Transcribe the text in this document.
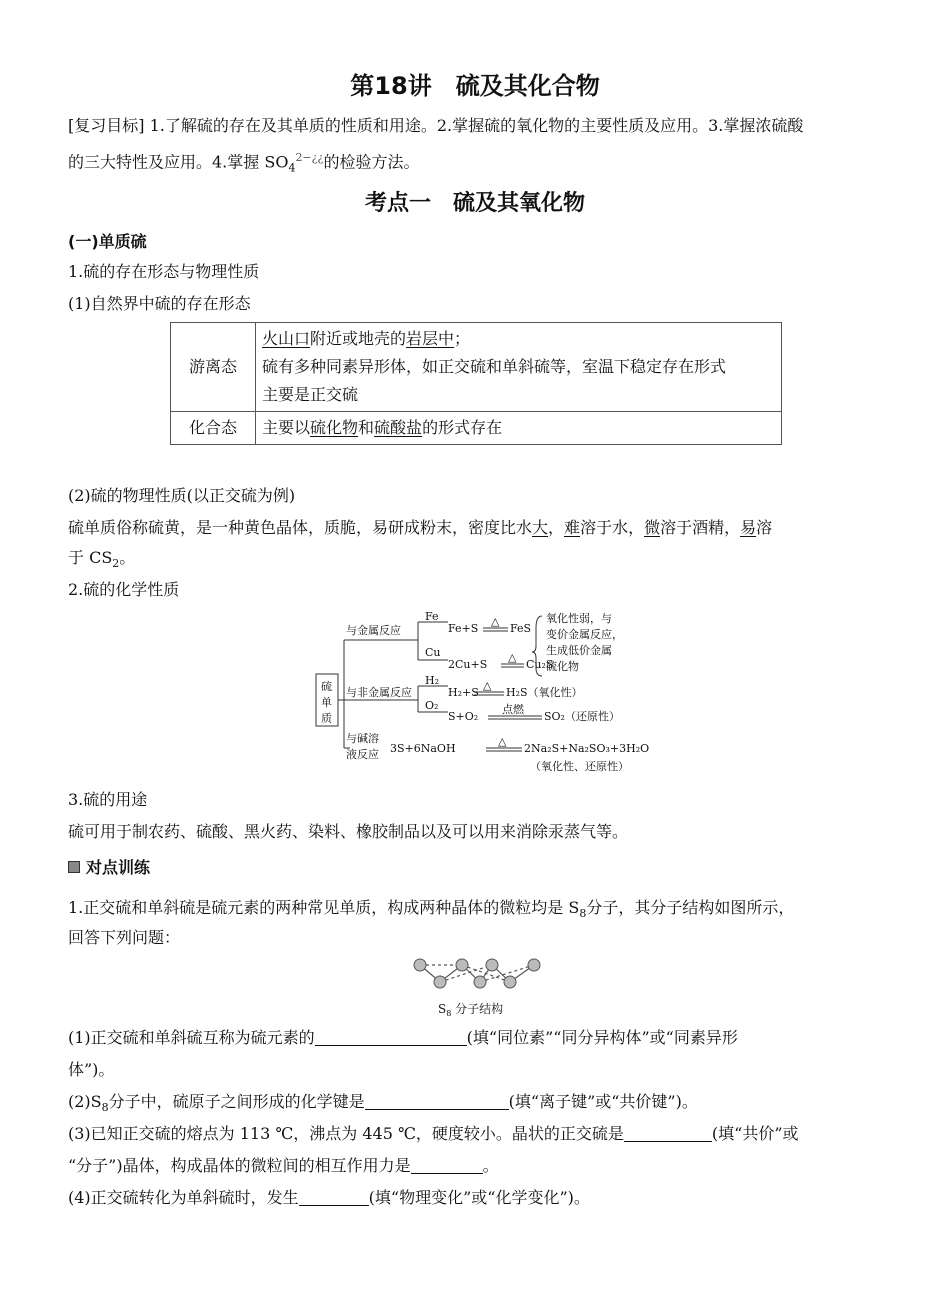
第18讲　硫及其化合物
[复习目标] 1.了解硫的存在及其单质的性质和用途。2.掌握硫的氧化物的主要性质及应用。3.掌握浓硫酸
的三大特性及应用。4.掌握 $SO_4^{2-¿¿}$的检验方法。
考点一　硫及其氧化物
(一)单质硫
1.硫的存在形态与物理性质
(1)自然界中硫的存在形态
游离态	火山口附近或地壳的岩层中；
硫有多种同素异形体，如正交硫和单斜硫等，室温下稳定存在形式
主要是正交硫
化合态	主要以硫化物和硫酸盐的形式存在
(2)硫的物理性质(以正交硫为例)
硫单质俗称硫黄，是一种黄色晶体，质脆，易研成粉末，密度比水大，难溶于水，微溶于酒精，易溶
于 $CS_2$。
2.硫的化学性质
与金属反应
Fe
Fe+S
△
FeS
Cu
2Cu+S
△
Cu₂S
氧化性弱，与
变价金属反应，
生成低价金属
硫化物
硫
单
质
与非金属反应
H₂
H₂+S
△
H₂S（氧化性）
O₂
S+O₂
点燃
SO₂（还原性）
与碱溶
液反应 3S+6NaOH
△
2Na₂S+Na₂SO₃+3H₂O
（氧化性、还原性）
3.硫的用途
硫可用于制农药、硫酸、黑火药、染料、橡胶制品以及可以用来消除汞蒸气等。
对点训练
1.正交硫和单斜硫是硫元素的两种常见单质，构成两种晶体的微粒均是 $S_8$分子，其分子结构如图所示，
回答下列问题：
$S_8$ 分子结构
(1)正交硫和单斜硫互称为硫元素的	(填“同位素”“同分异构体”或“同素异形
体”)。
$(2)S_8$分子中，硫原子之间形成的化学键是	(填“离子键”或“共价键”)。
(3)已知正交硫的熔点为 113 ℃，沸点为 445 ℃，硬度较小。晶状的正交硫是	(填“共价”或
“分子”)晶体，构成晶体的微粒间的相互作用力是	。
(4)正交硫转化为单斜硫时，发生	(填“物理变化”或“化学变化”)。
